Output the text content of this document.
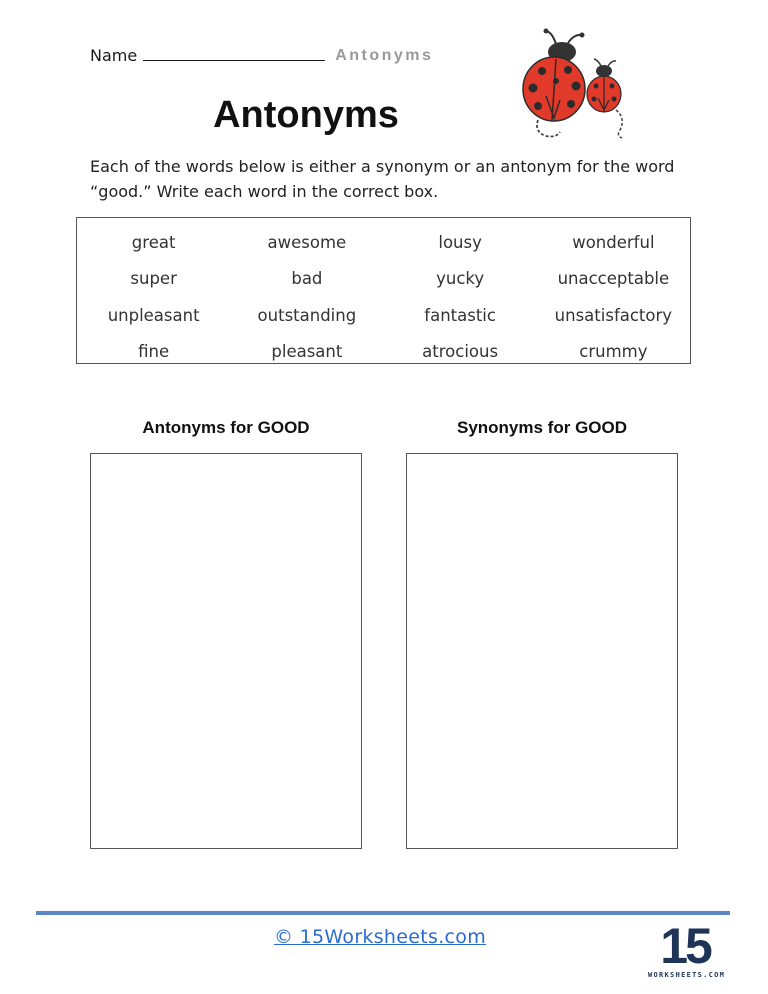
Name	Antonyms
Antonyms
Each of the words below is either a synonym or an antonym for the word “good.” Write each word in the correct box.
great	awesome	lousy	wonderful
super	bad	yucky	unacceptable
unpleasant	outstanding	fantastic	unsatisfactory
fine	pleasant	atrocious	crummy
Antonyms for GOOD	Synonyms for GOOD
© 15Worksheets.com	15
WORKSHEETS.COM
